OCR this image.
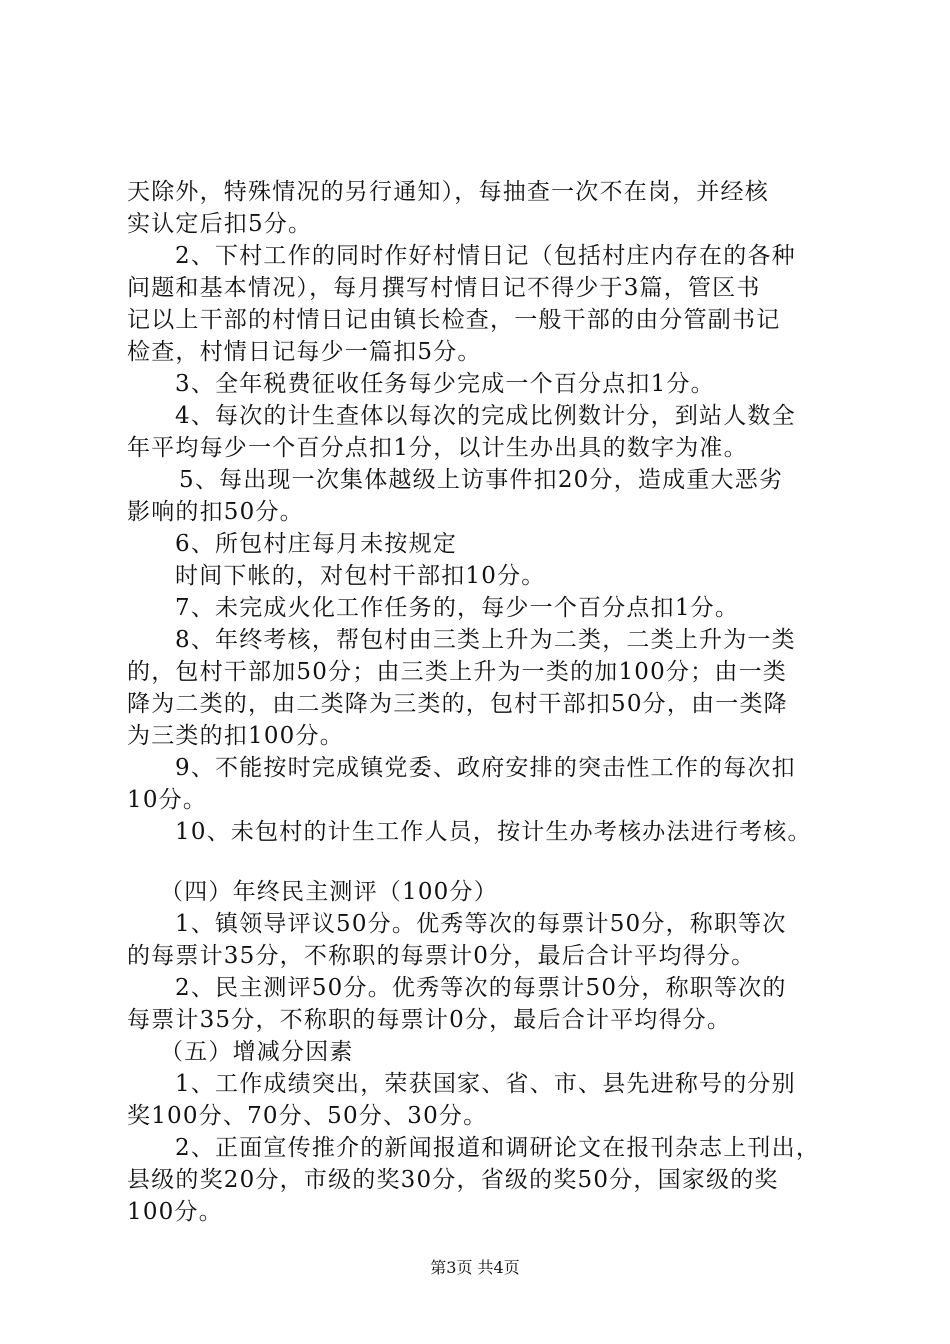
天除外，特殊情况的另行通知），每抽查一次不在岗，并经核
实认定后扣5分。
2、下村工作的同时作好村情日记（包括村庄内存在的各种
问题和基本情况），每月撰写村情日记不得少于3篇，管区书
记以上干部的村情日记由镇长检查，一般干部的由分管副书记
检查，村情日记每少一篇扣5分。
3、全年税费征收任务每少完成一个百分点扣1分。
4、每次的计生查体以每次的完成比例数计分，到站人数全
年平均每少一个百分点扣1分，以计生办出具的数字为准。
5、每出现一次集体越级上访事件扣20分，造成重大恶劣
影响的扣50分。
6、所包村庄每月未按规定
时间下帐的，对包村干部扣10分。
7、未完成火化工作任务的，每少一个百分点扣1分。
8、年终考核，帮包村由三类上升为二类，二类上升为一类
的，包村干部加50分；由三类上升为一类的加100分；由一类
降为二类的，由二类降为三类的，包村干部扣50分，由一类降
为三类的扣100分。
9、不能按时完成镇党委、政府安排的突击性工作的每次扣
10分。
10、未包村的计生工作人员，按计生办考核办法进行考核。
（四）年终民主测评（100分）
1、镇领导评议50分。优秀等次的每票计50分，称职等次
的每票计35分，不称职的每票计0分，最后合计平均得分。
2、民主测评50分。优秀等次的每票计50分，称职等次的
每票计35分，不称职的每票计0分，最后合计平均得分。
（五）增减分因素
1、工作成绩突出，荣获国家、省、市、县先进称号的分别
奖100分、70分、50分、30分。
2、正面宣传推介的新闻报道和调研论文在报刊杂志上刊出，
县级的奖20分，市级的奖30分，省级的奖50分，国家级的奖
100分。
第3页 共4页
